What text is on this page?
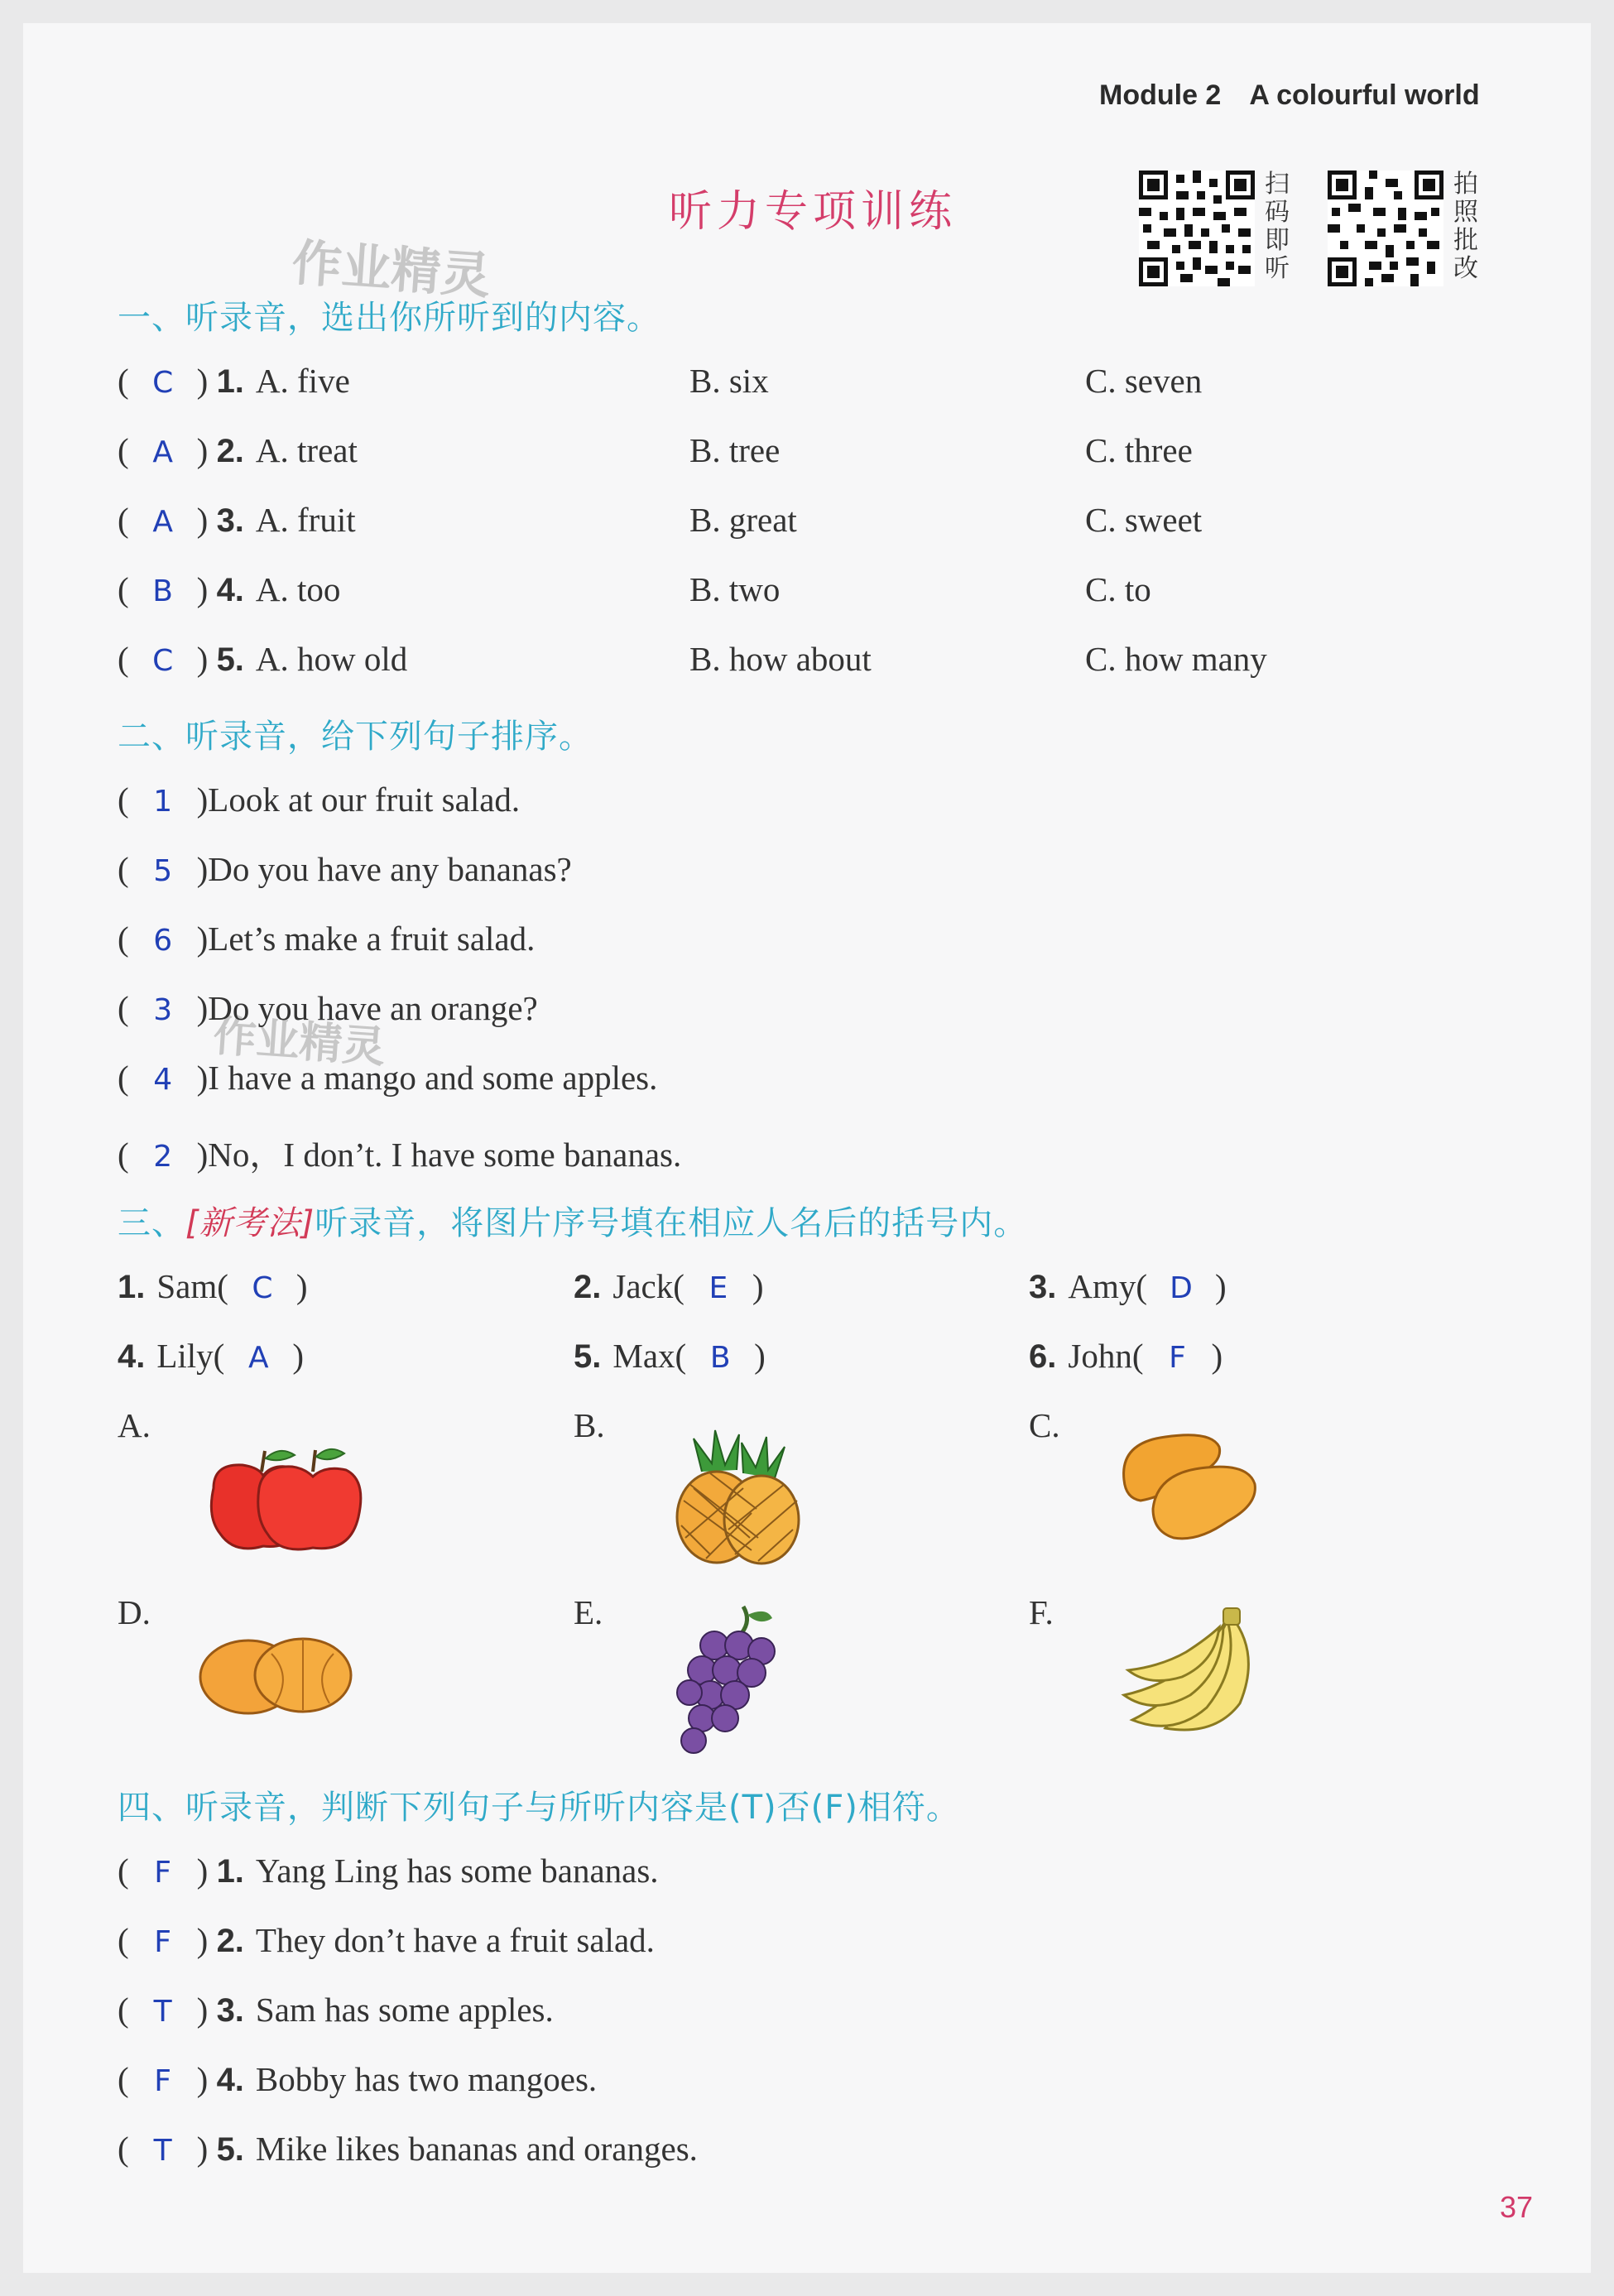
Module 2 A colourful world
听力专项训练
扫码即听
拍照批改
作业精灵
作业精灵
一、听录音，选出你所听到的内容。
( C ) 1. A. five	B. six	C. seven
( A ) 2. A. treat	B. tree	C. three
( A ) 3. A. fruit	B. great	C. sweet
( B ) 4. A. too	B. two	C. to
( C ) 5. A. how old	B. how about	C. how many
二、听录音，给下列句子排序。
( 1 )Look at our fruit salad.
( 5 )Do you have any bananas?
( 6 )Let’s make a fruit salad.
( 3 )Do you have an orange?
( 4 )I have a mango and some apples.
( 2 )No，I don’t. I have some bananas.
三、[新考法]听录音，将图片序号填在相应人名后的括号内。
1. Sam( C )	2. Jack( E )	3. Amy( D )
4. Lily( A )	5. Max( B )	6. John( F )
A.	B.	C.
D.	E.	F.
四、听录音，判断下列句子与所听内容是(T)否(F)相符。
( F ) 1. Yang Ling has some bananas.
( F ) 2. They don’t have a fruit salad.
( T ) 3. Sam has some apples.
( F ) 4. Bobby has two mangoes.
( T ) 5. Mike likes bananas and oranges.
37
